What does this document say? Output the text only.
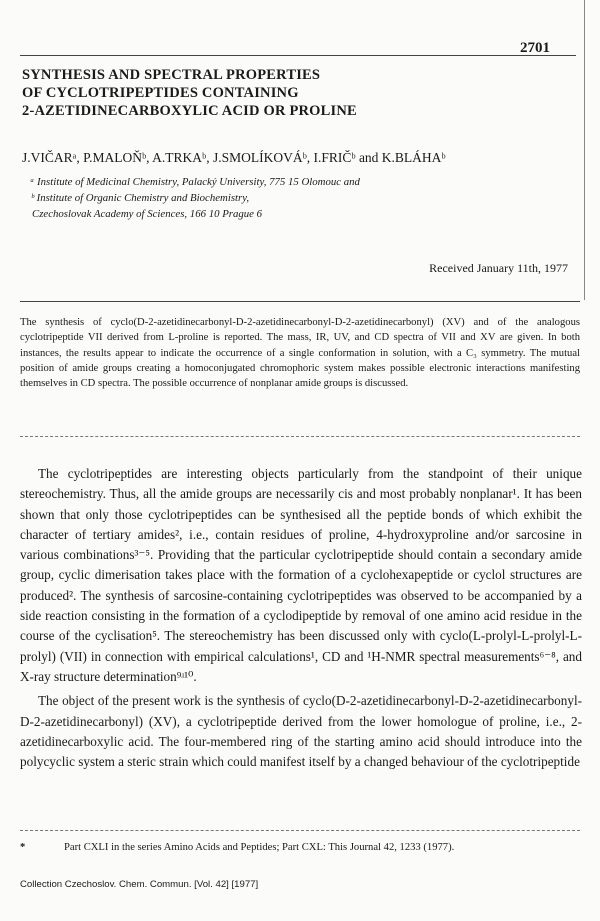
2701
SYNTHESIS AND SPECTRAL PROPERTIES
OF CYCLOTRIPEPTIDES CONTAINING
2-AZETIDINECARBOXYLIC ACID OR PROLINE
J.VIČARᵃ, P.MALOŇᵇ, A.TRKAᵇ, J.SMOLÍKOVÁᵇ, I.FRIČᵇ and K.BLÁHAᵇ
ᵃ Institute of Medicinal Chemistry, Palacký University, 775 15 Olomouc and
ᵇ Institute of Organic Chemistry and Biochemistry,
Czechoslovak Academy of Sciences, 166 10 Prague 6
Received January 11th, 1977

The synthesis of cyclo(D-2-azetidinecarbonyl-D-2-azetidinecarbonyl-D-2-azetidinecarbonyl) (XV) and of the analogous cyclotripeptide VII derived from L-proline is reported. The mass, IR, UV, and CD spectra of VII and XV are given. In both instances, the results appear to indicate the occurrence of a single conformation in solution, with a C₃ symmetry. The mutual position of amide groups creating a homoconjugated chromophoric system makes possible electronic interactions manifesting themselves in CD spectra. The possible occurrence of nonplanar amide groups is discussed.

The cyclotripeptides are interesting objects particularly from the standpoint of their unique stereochemistry. Thus, all the amide groups are necessarily cis and most probably nonplanar¹. It has been shown that only those cyclotripeptides can be synthesised all the peptide bonds of which exhibit the character of tertiary amides², i.e., contain residues of proline, 4-hydroxyproline and/or sarcosine in various combinations³⁻⁵. Providing that the particular cyclotripeptide should contain a secondary amide group, cyclic dimerisation takes place with the formation of a cyclohexapeptide or cyclol structures are produced². The synthesis of sarcosine-containing cyclotripeptides was observed to be accompanied by a side reaction consisting in the formation of a cyclodipeptide by removal of one amino acid residue in the course of the cyclisation⁵. The stereochemistry has been discussed only with cyclo(L-prolyl-L-prolyl-L-prolyl) (VII) in connection with empirical calculations¹, CD and ¹H-NMR spectral measurements⁶⁻⁸, and X-ray structure determination⁹ʴ¹⁰.

The object of the present work is the synthesis of cyclo(D-2-azetidinecarbonyl-D-2-azetidinecarbonyl-D-2-azetidinecarbonyl) (XV), a cyclotripeptide derived from the lower homologue of proline, i.e., 2-azetidinecarboxylic acid. The four-membered ring of the starting amino acid should introduce into the polycyclic system a steric strain which could manifest itself by a changed behaviour of the cyclotripeptide

*	Part CXLI in the series Amino Acids and Peptides; Part CXL: This Journal 42, 1233 (1977).
Collection Czechoslov. Chem. Commun. [Vol. 42] [1977]
